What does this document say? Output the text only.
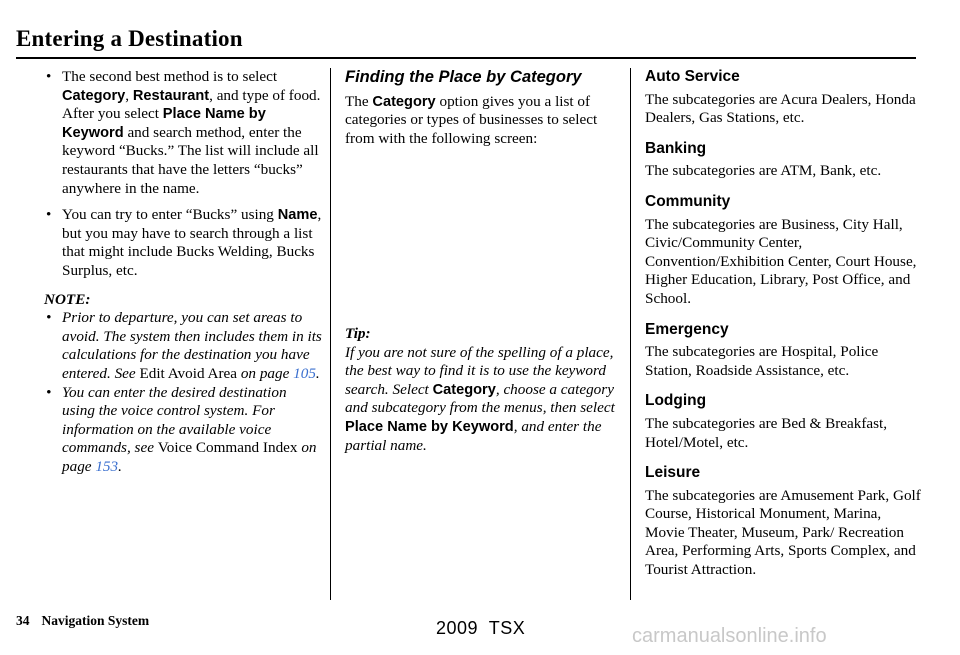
Entering a Destination
• The second best method is to select Category, Restaurant, and type of food. After you select Place Name by Keyword and search method, enter the keyword “Bucks.” The list will include all restaurants that have the letters “bucks” anywhere in the name.
• You can try to enter “Bucks” using Name, but you may have to search through a list that might include Bucks Welding, Bucks Surplus, etc.
NOTE:
• Prior to departure, you can set areas to avoid. The system then includes them in its calculations for the destination you have entered. See Edit Avoid Area on page 105.
• You can enter the desired destination using the voice control system. For information on the available voice commands, see Voice Command Index on page 153.
Finding the Place by Category
The Category option gives you a list of categories or types of businesses to select from with the following screen:
Tip:
If you are not sure of the spelling of a place, the best way to find it is to use the keyword search. Select Category, choose a category and subcategory from the menus, then select Place Name by Keyword, and enter the partial name.
Auto Service
The subcategories are Acura Dealers, Honda Dealers, Gas Stations, etc.
Banking
The subcategories are ATM, Bank, etc.
Community
The subcategories are Business, City Hall, Civic/Community Center, Convention/Exhibition Center, Court House, Higher Education, Library, Post Office, and School.
Emergency
The subcategories are Hospital, Police Station, Roadside Assistance, etc.
Lodging
The subcategories are Bed & Breakfast, Hotel/Motel, etc.
Leisure
The subcategories are Amusement Park, Golf Course, Historical Monument, Marina, Movie Theater, Museum, Park/ Recreation Area, Performing Arts, Sports Complex, and Tourist Attraction.
34 Navigation System	2009  TSX	carmanualsonline.info
